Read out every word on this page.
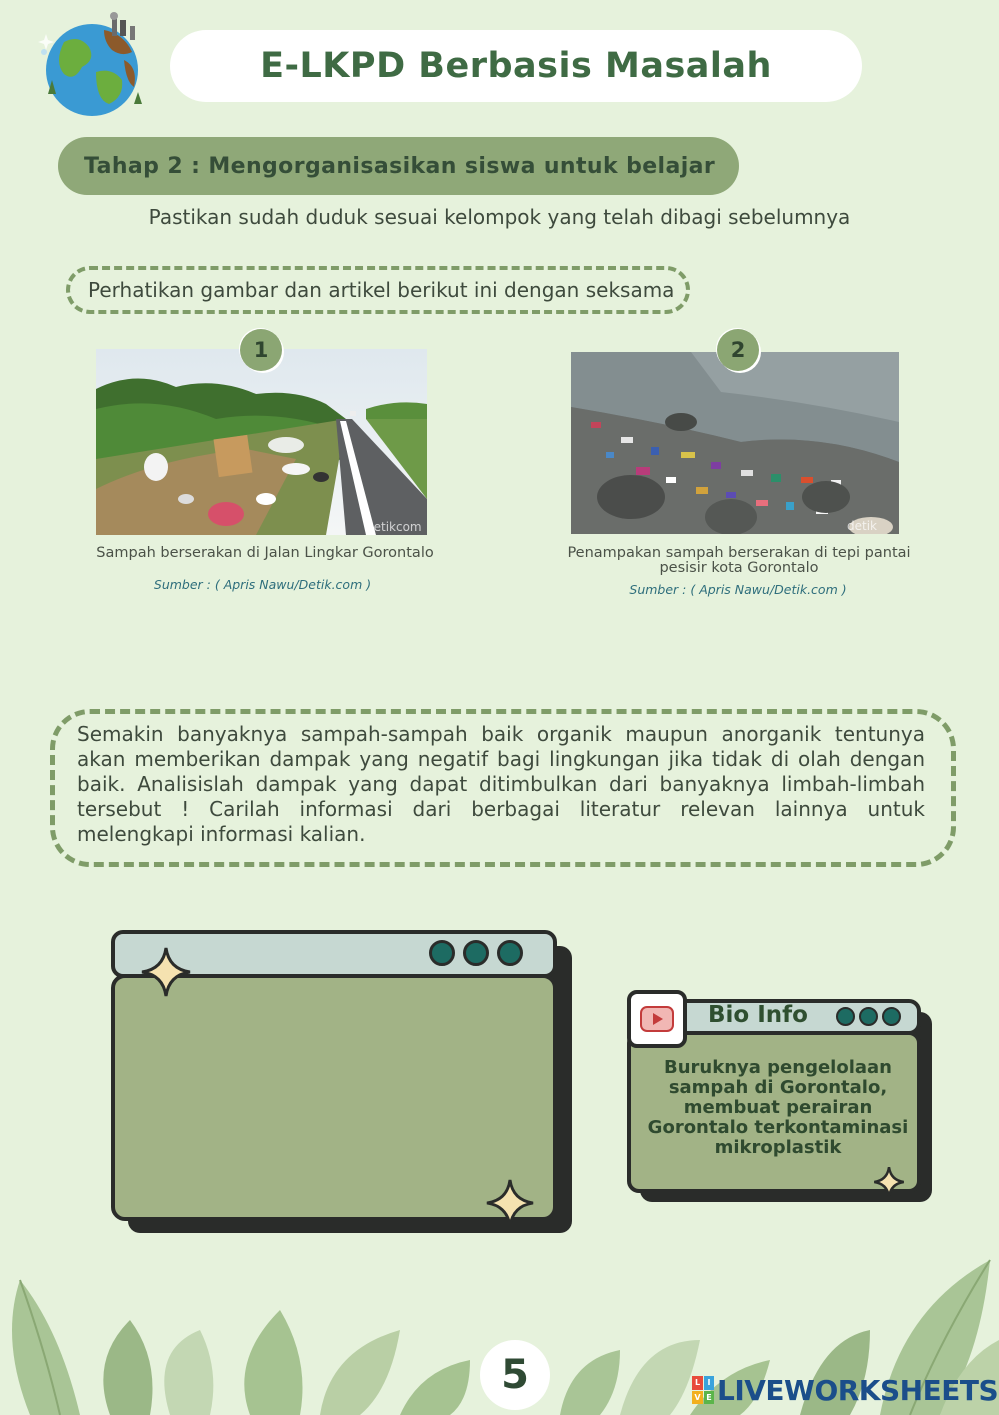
E-LKPD Berbasis Masalah
Tahap 2 : Mengorganisasikan siswa untuk belajar
Pastikan sudah duduk sesuai kelompok yang telah dibagi sebelumnya
Perhatikan gambar dan artikel berikut ini dengan seksama
detikcom
1
Sampah berserakan di Jalan Lingkar Gorontalo
Sumber : ( Apris Nawu/Detik.com )
detik
2
Penampakan sampah berserakan di tepi pantai
pesisir kota Gorontalo
Sumber : ( Apris Nawu/Detik.com )

Semakin banyaknya sampah-sampah baik organik maupun anorganik tentunya akan memberikan dampak yang negatif bagi lingkungan jika tidak di olah dengan baik. Analisislah dampak yang dapat ditimbulkan dari banyaknya limbah-limbah tersebut ! Carilah informasi dari berbagai literatur relevan lainnya untuk melengkapi informasi kalian.

Bio Info
Buruknya pengelolaan sampah di Gorontalo, membuat perairan Gorontalo terkontaminasi mikroplastik
5	L I
V E LIVEWORKSHEETS
